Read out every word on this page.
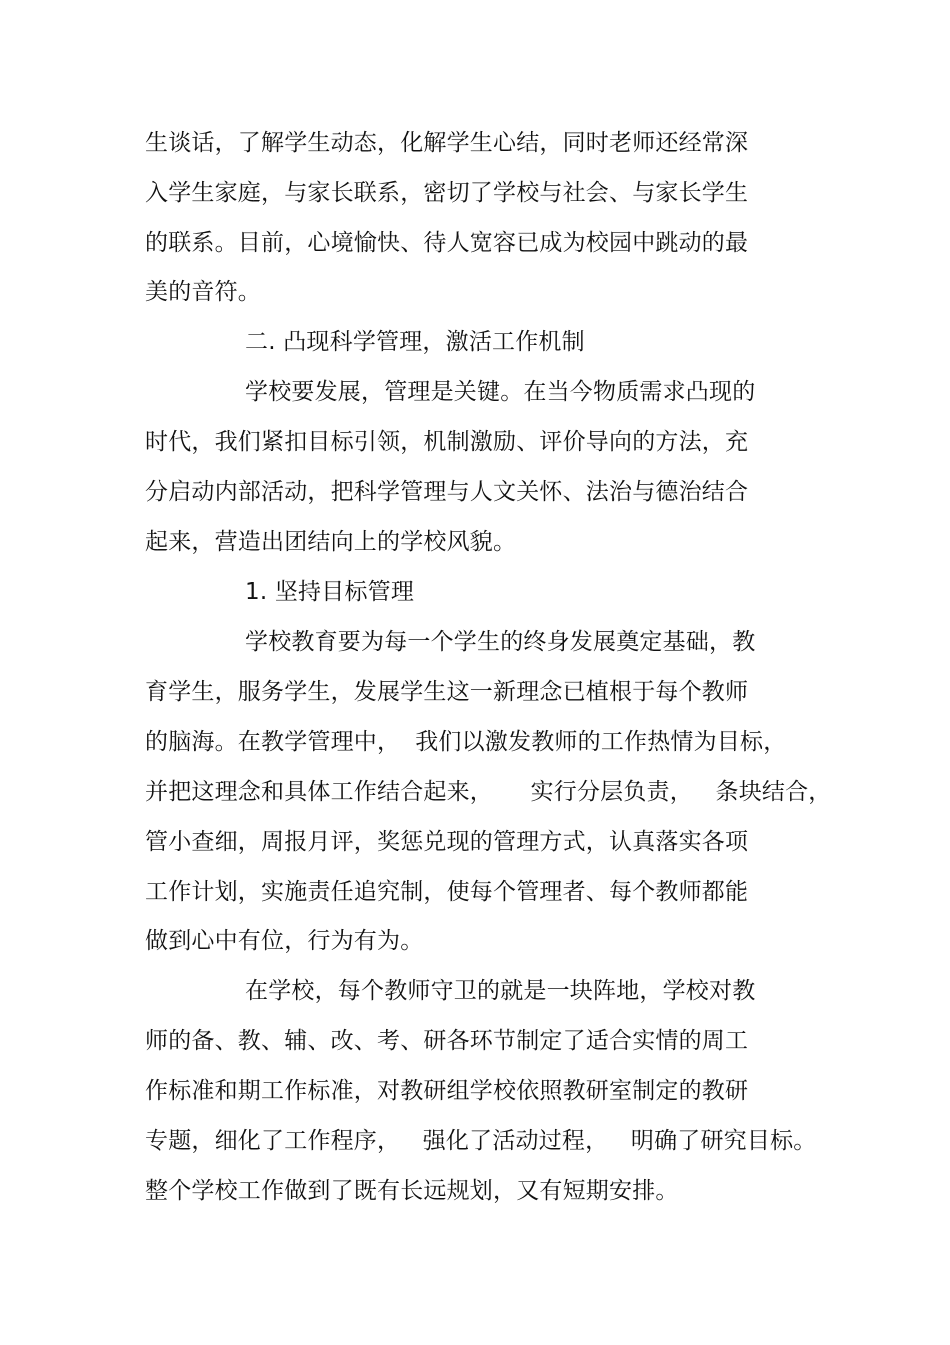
生谈话，了解学生动态，化解学生心结，同时老师还经常深
入学生家庭，与家长联系，密切了学校与社会、与家长学生
的联系。目前，心境愉快、待人宽容已成为校园中跳动的最
美的音符。
二. 凸现科学管理，激活工作机制
学校要发展，管理是关键。在当今物质需求凸现的
时代，我们紧扣目标引领，机制激励、评价导向的方法，充
分启动内部活动，把科学管理与人文关怀、法治与德治结合
起来，营造出团结向上的学校风貌。
1. 坚持目标管理
学校教育要为每一个学生的终身发展奠定基础，教
育学生，服务学生，发展学生这一新理念已植根于每个教师
的脑海。在教学管理中，  我们以激发教师的工作热情为目标，
并把这理念和具体工作结合起来，     实行分层负责，   条块结合，
管小查细，周报月评，奖惩兑现的管理方式，认真落实各项
工作计划，实施责任追究制，使每个管理者、每个教师都能
做到心中有位，行为有为。
在学校，每个教师守卫的就是一块阵地，学校对教
师的备、教、辅、改、考、研各环节制定了适合实情的周工
作标准和期工作标准，对教研组学校依照教研室制定的教研
专题，细化了工作程序，   强化了活动过程，   明确了研究目标。
整个学校工作做到了既有长远规划，又有短期安排。
